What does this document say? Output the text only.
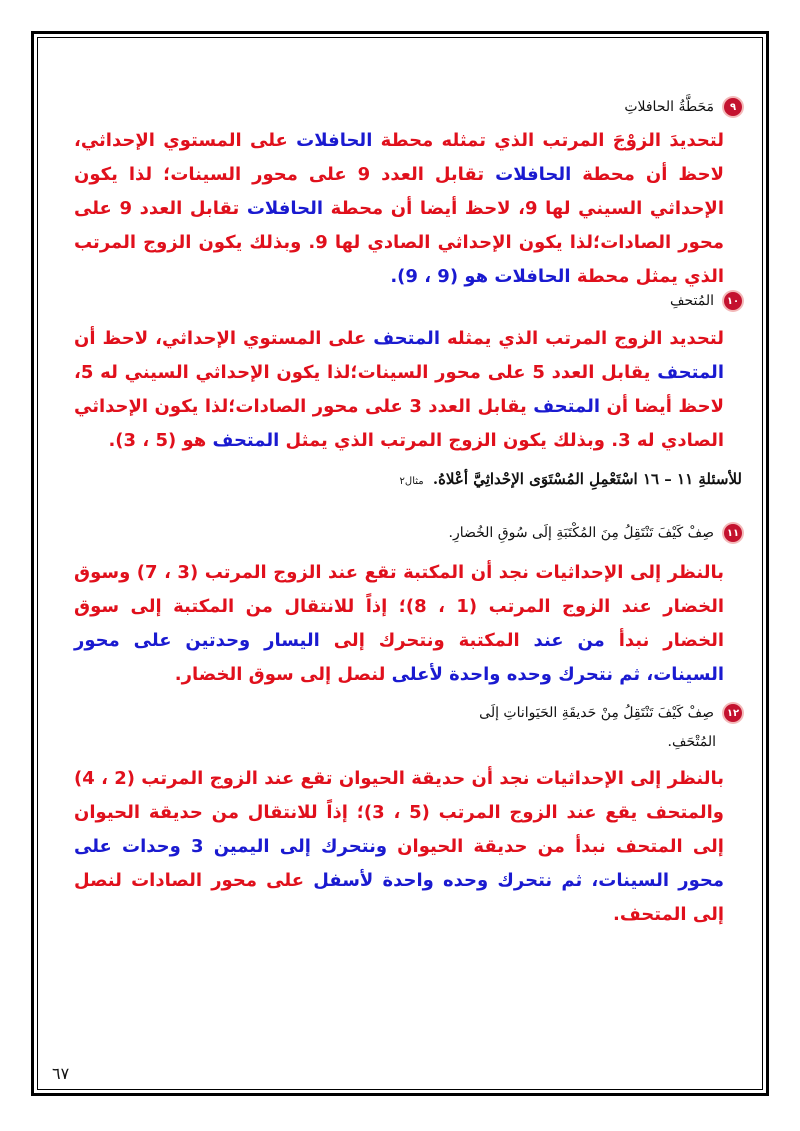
٩
مَحَطَّةُ الحافلاتِ
لتحديدَ الزوْجَ المرتب الذي تمثله محطة الحافلات على المستوي الإحداثي، لاحظ أن محطة الحافلات تقابل العدد 9 على محور السينات؛ لذا يكون الإحداثي السيني لها 9، لاحظ أيضا أن محطة الحافلات تقابل العدد 9 على محور الصادات؛لذا يكون الإحداثي الصادي لها 9. وبذلك يكون الزوج المرتب الذي يمثل محطة الحافلات هو (9 ، 9).
١٠
المُتحفِ
لتحديد الزوج المرتب الذي يمثله المتحف على المستوي الإحداثي، لاحظ أن المتحف يقابل العدد 5 على محور السينات؛لذا يكون الإحداثي السيني له 5، لاحظ أيضا أن المتحف يقابل العدد 3 على محور الصادات؛لذا يكون الإحداثي الصادي له 3. وبذلك يكون الزوج المرتب الذي يمثل المتحف هو (5 ، 3).
للأسئلةِ ١١ – ١٦ اسْتَعْمِلِ المُسْتَوَى الإحْداثِيَّ أعْلاهُ. مثال٢
١١
صِفْ كَيْفَ تَنْتَقِلُ مِنَ المُكْتَبَةِ إلَى سُوقِ الخُضارِ.
بالنظر إلى الإحداثيات نجد أن المكتبة تقع عند الزوج المرتب (3 ، 7) وسوق الخضار عند الزوج المرتب (1 ، 8)؛ إذاً للانتقال من المكتبة إلى سوق الخضار نبدأ من عند المكتبة ونتحرك إلى اليسار وحدتين على محور السينات، ثم نتحرك وحده واحدة لأعلى لنصل إلى سوق الخضار.
١٢
صِفْ كَيْفَ تَنْتَقِلُ مِنْ حَديقَةِ الحَيَواناتِ إلَى
المُتْحَفِ.
بالنظر إلى الإحداثيات نجد أن حديقة الحيوان تقع عند الزوج المرتب (2 ، 4) والمتحف يقع عند الزوج المرتب (5 ، 3)؛ إذاً للانتقال من حديقة الحيوان إلى المتحف نبدأ من حديقة الحيوان ونتحرك إلى اليمين 3 وحدات على محور السينات، ثم نتحرك وحده واحدة لأسفل على محور الصادات لنصل إلى المتحف.
٦٧
